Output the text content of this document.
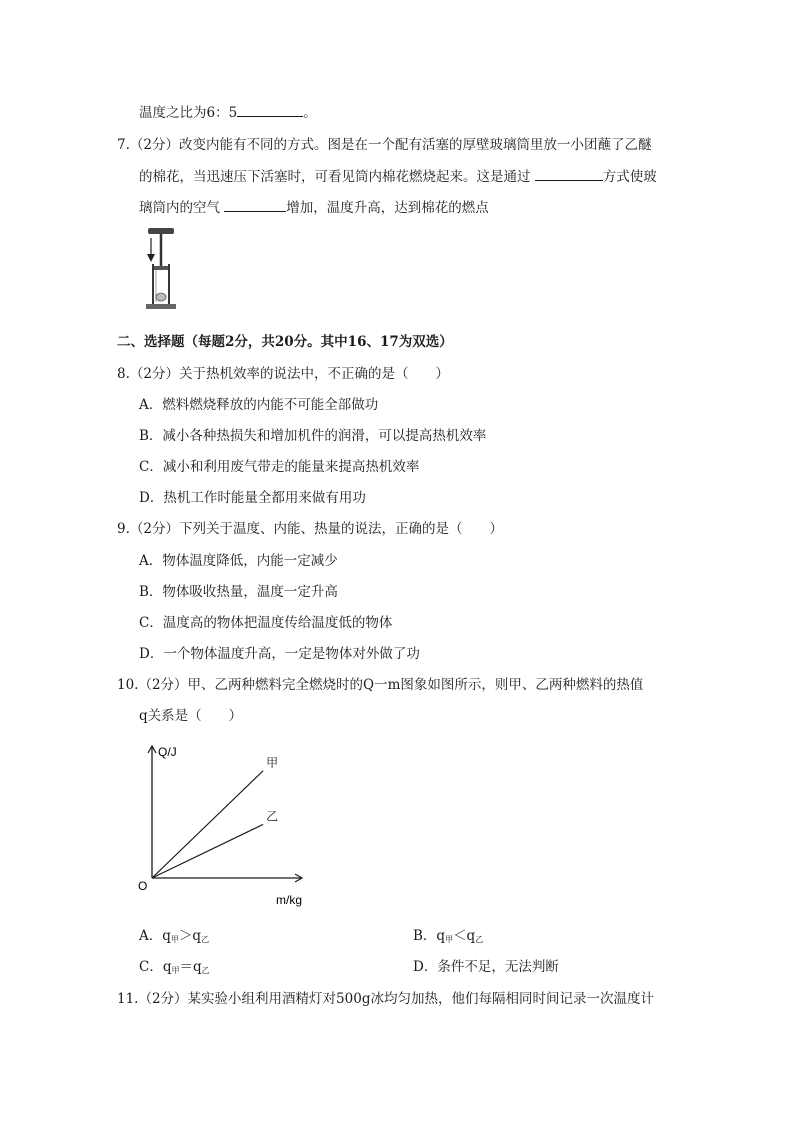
温度之比为6：5	。
7.（2分）改变内能有不同的方式。图是在一个配有活塞的厚壁玻璃筒里放一小团蘸了乙醚
的棉花，当迅速压下活塞时，可看见筒内棉花燃烧起来。这是通过	方式使玻
璃筒内的空气	增加，温度升高，达到棉花的燃点
二、选择题（每题2分，共20分。其中16、17为双选）
8.（2分）关于热机效率的说法中，不正确的是（　　）
A．燃料燃烧释放的内能不可能全部做功
B．减小各种热损失和增加机件的润滑，可以提高热机效率
C．减小和利用废气带走的能量来提高热机效率
D．热机工作时能量全都用来做有用功
9.（2分）下列关于温度、内能、热量的说法，正确的是（　　）
A．物体温度降低，内能一定减少
B．物体吸收热量，温度一定升高
C．温度高的物体把温度传给温度低的物体
D．一个物体温度升高，一定是物体对外做了功
10.（2分）甲、乙两种燃料完全燃烧时的Q一m图象如图所示，则甲、乙两种燃料的热值
q关系是（　　）
甲
乙
Q/J
m/kg
O
A．$q_甲>q_乙$	B．$q_甲<q_乙$
C．$q_甲=q_乙$	D．条件不足，无法判断
11.（2分）某实验小组利用酒精灯对500g冰均匀加热，他们每隔相同时间记录一次温度计
